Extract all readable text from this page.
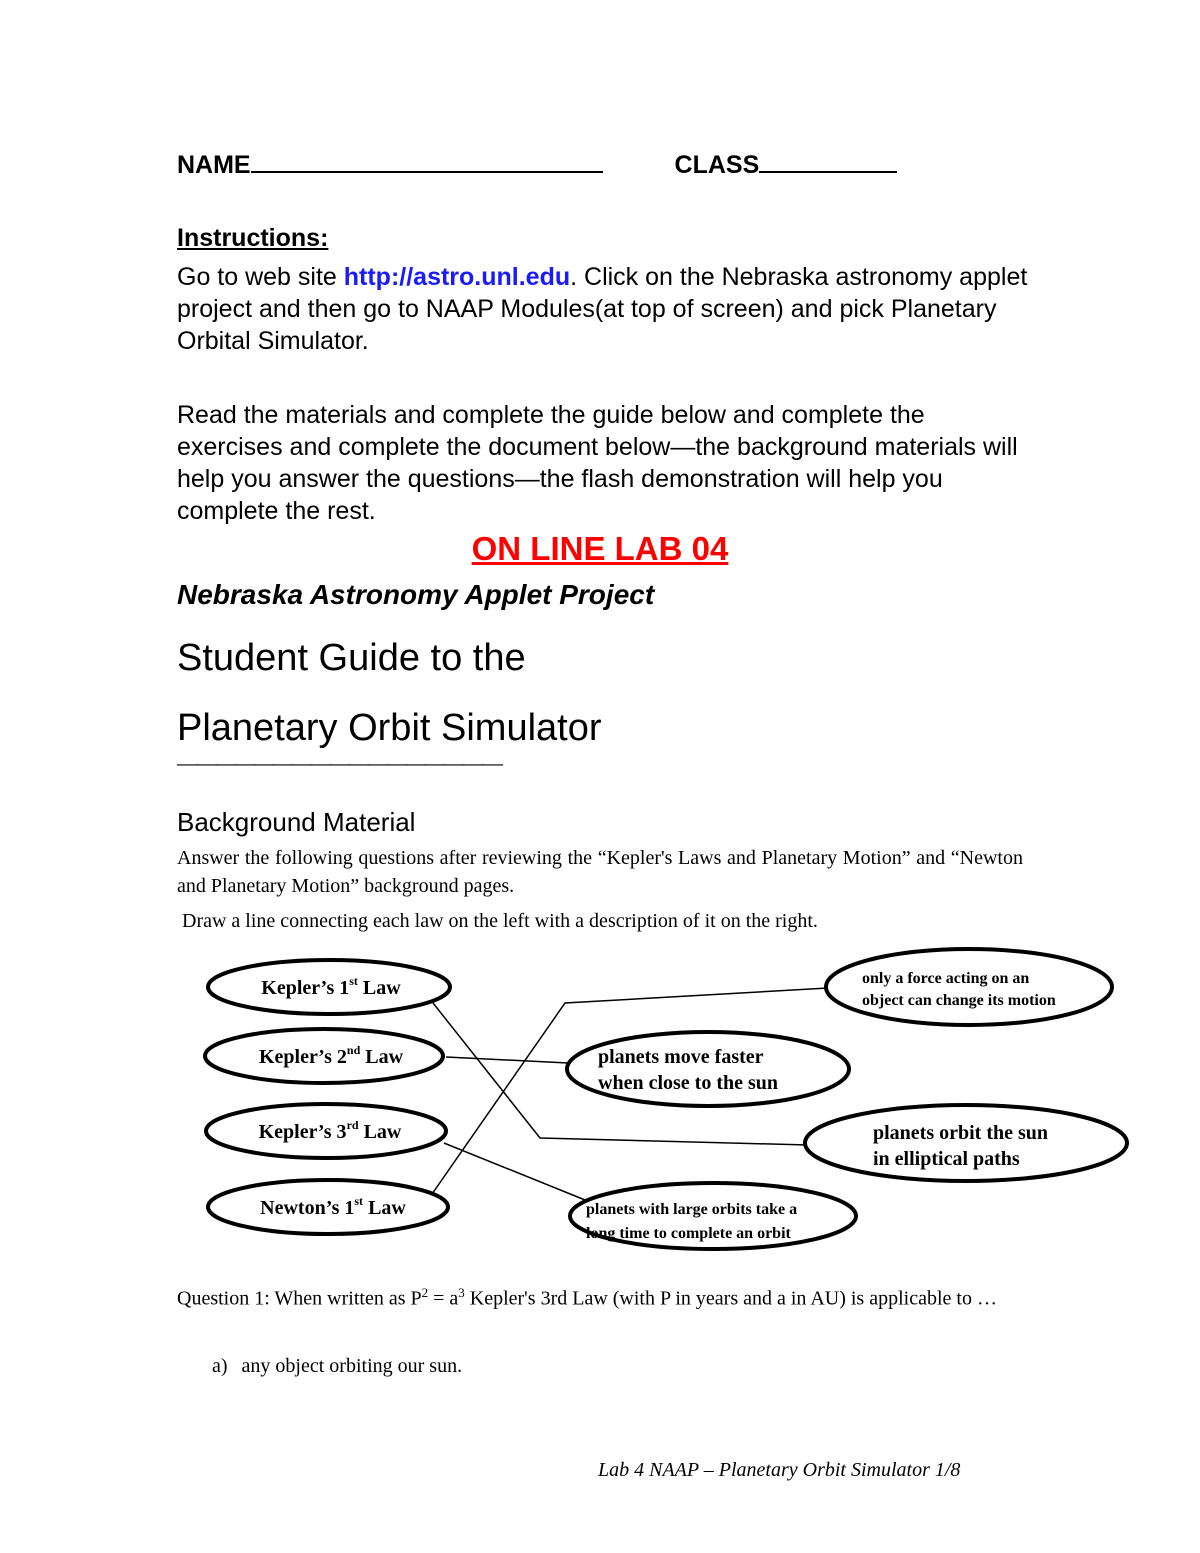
NAME	CLASS
Instructions:
Go to web site http://astro.unl.edu. Click on the Nebraska astronomy applet project and then go to NAAP Modules(at top of screen) and pick Planetary Orbital Simulator.
Read the materials and complete the guide below and complete the exercises and complete the document below—the background materials will help you answer the questions—the flash demonstration will help you complete the rest.
ON LINE LAB 04
Nebraska Astronomy Applet Project
Student Guide to the
Planetary Orbit Simulator
—————————————————
Background Material
Answer the following questions after reviewing the “Kepler's Laws and Planetary Motion” and “Newton and Planetary Motion” background pages.
Draw a line connecting each law on the left with a description of it on the right.
Kepler’s 1st Law
Kepler’s 2nd Law
Kepler’s 3rd Law
Newton’s 1st Law
only a force acting on an
object can change its motion
planets move faster
when close to the sun
planets orbit the sun
in elliptical paths
planets with large orbits take a
long time to complete an orbit
Question 1: When written as $P^2 = a^3$ Kepler's 3rd Law (with P in years and a in AU) is applicable to …
a) any object orbiting our sun.
Lab 4 NAAP – Planetary Orbit Simulator 1/8
